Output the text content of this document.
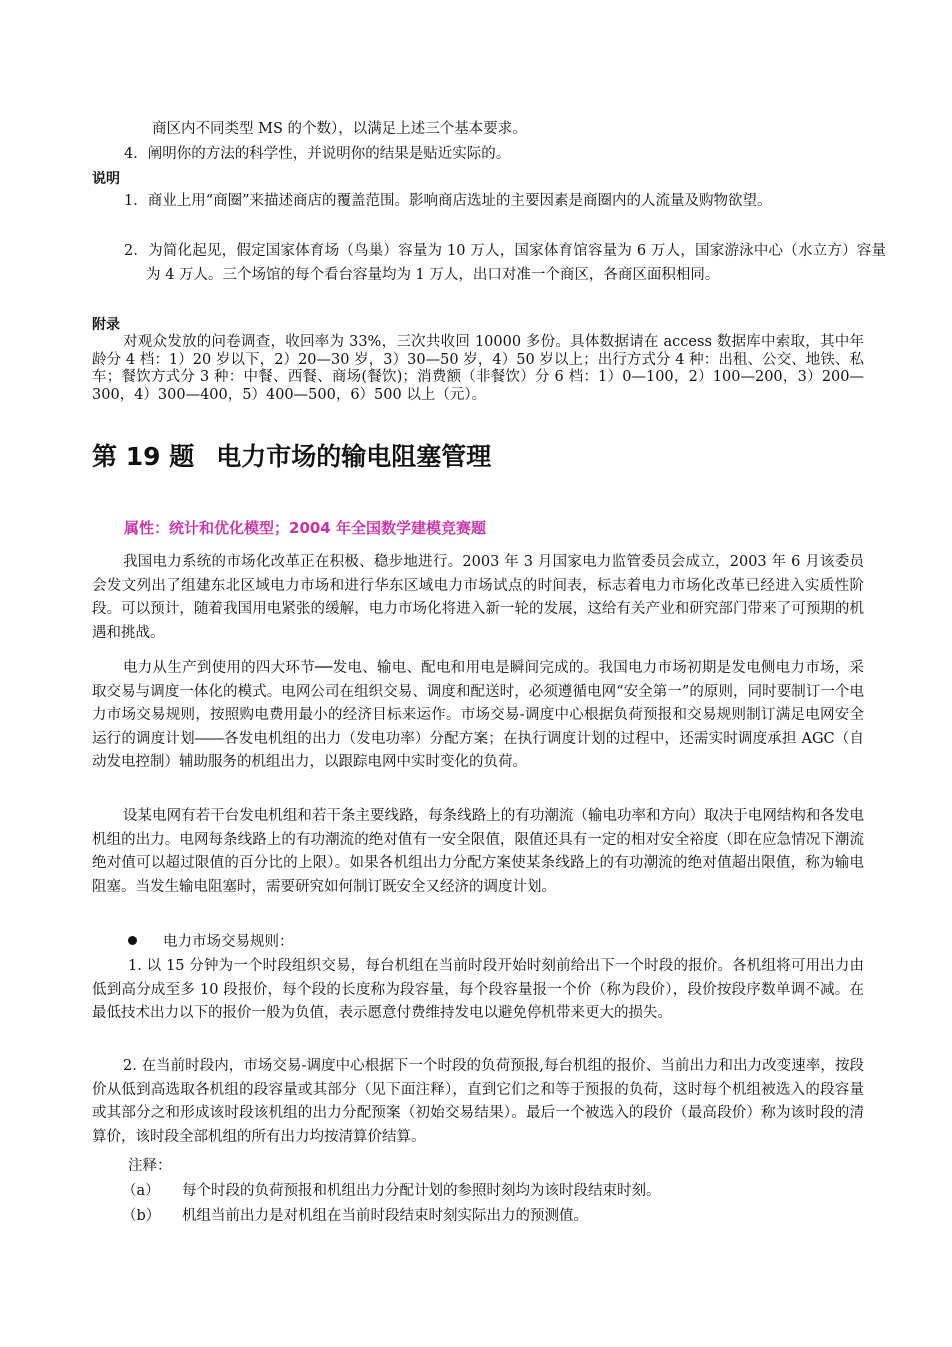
商区内不同类型 MS 的个数），以满足上述三个基本要求。

4．阐明你的方法的科学性，并说明你的结果是贴近实际的。

说明

1．商业上用“商圈”来描述商店的覆盖范围。影响商店选址的主要因素是商圈内的人流量及购物欲望。

2．为简化起见，假定国家体育场（鸟巢）容量为 10 万人，国家体育馆容量为 6 万人，国家游泳中心（水立方）容量为 4 万人。三个场馆的每个看台容量均为 1 万人，出口对准一个商区，各商区面积相同。

附录

对观众发放的问卷调查，收回率为 33%，三次共收回 10000 多份。具体数据请在 access 数据库中索取，其中年龄分 4 档：1）20 岁以下，2）20—30 岁，3）30—50 岁，4）50 岁以上；出行方式分 4 种：出租、公交、地铁、私车；餐饮方式分 3 种：中餐、西餐、商场(餐饮)；消费额（非餐饮）分 6 档：1）0—100，2）100—200，3）200—300，4）300—400，5）400—500，6）500 以上（元）。

第 19 题 电力市场的输电阻塞管理

属性：统计和优化模型；2004 年全国数学建模竞赛题

我国电力系统的市场化改革正在积极、稳步地进行。2003 年 3 月国家电力监管委员会成立，2003 年 6 月该委员会发文列出了组建东北区域电力市场和进行华东区域电力市场试点的时间表，标志着电力市场化改革已经进入实质性阶段。可以预计，随着我国用电紧张的缓解，电力市场化将进入新一轮的发展，这给有关产业和研究部门带来了可预期的机遇和挑战。

电力从生产到使用的四大环节──发电、输电、配电和用电是瞬间完成的。我国电力市场初期是发电侧电力市场，采取交易与调度一体化的模式。电网公司在组织交易、调度和配送时，必须遵循电网“安全第一”的原则，同时要制订一个电力市场交易规则，按照购电费用最小的经济目标来运作。市场交易-调度中心根据负荷预报和交易规则制订满足电网安全运行的调度计划――各发电机组的出力（发电功率）分配方案；在执行调度计划的过程中，还需实时调度承担 AGC（自动发电控制）辅助服务的机组出力，以跟踪电网中实时变化的负荷。

设某电网有若干台发电机组和若干条主要线路，每条线路上的有功潮流（输电功率和方向）取决于电网结构和各发电机组的出力。电网每条线路上的有功潮流的绝对值有一安全限值，限值还具有一定的相对安全裕度（即在应急情况下潮流绝对值可以超过限值的百分比的上限）。如果各机组出力分配方案使某条线路上的有功潮流的绝对值超出限值，称为输电阻塞。当发生输电阻塞时，需要研究如何制订既安全又经济的调度计划。

电力市场交易规则：

1. 以 15 分钟为一个时段组织交易，每台机组在当前时段开始时刻前给出下一个时段的报价。各机组将可用出力由低到高分成至多 10 段报价，每个段的长度称为段容量，每个段容量报一个价（称为段价），段价按段序数单调不减。在最低技术出力以下的报价一般为负值，表示愿意付费维持发电以避免停机带来更大的损失。

2. 在当前时段内，市场交易-调度中心根据下一个时段的负荷预报,每台机组的报价、当前出力和出力改变速率，按段价从低到高选取各机组的段容量或其部分（见下面注释），直到它们之和等于预报的负荷，这时每个机组被选入的段容量或其部分之和形成该时段该机组的出力分配预案（初始交易结果）。最后一个被选入的段价（最高段价）称为该时段的清算价，该时段全部机组的所有出力均按清算价结算。

注释：

（a） 每个时段的负荷预报和机组出力分配计划的参照时刻均为该时段结束时刻。

（b） 机组当前出力是对机组在当前时段结束时刻实际出力的预测值。
